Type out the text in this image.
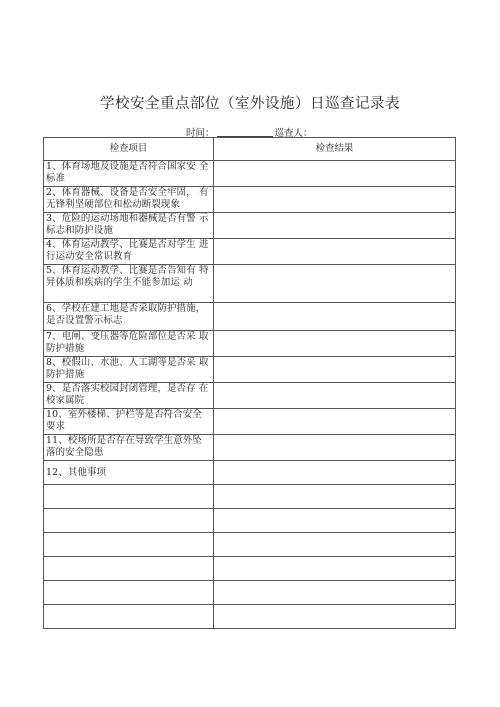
学校安全重点部位（室外设施）日巡查记录表
时间：	巡查人：
检查项目	检查结果

1、体育场地及设施是否符合国家安 全标准	

2、体育器械、设备是否安全牢固， 有无锋利坚硬部位和松动断裂现象	

3、危险的运动场地和器械是否有警 示标志和防护设施	

4、体育运动教学、比赛是否对学生 进行运动安全常识教育	

5、体育运动教学、比赛是否告知有 特异体质和疾病的学生不能参加运 动	

6、学校在建工地是否采取防护措施，是否设置警示标志	

7、电闸、变压器等危险部位是否采 取防护措施	

8、校假山、水池、人工湖等是否采 取防护措施	

9、是否落实校园封闭管理，是否存 在校家属院	

10、室外楼梯、护栏等是否符合安全要求	

11、校场所是否存在导致学生意外坠落的安全隐患	

12、其他事项	
